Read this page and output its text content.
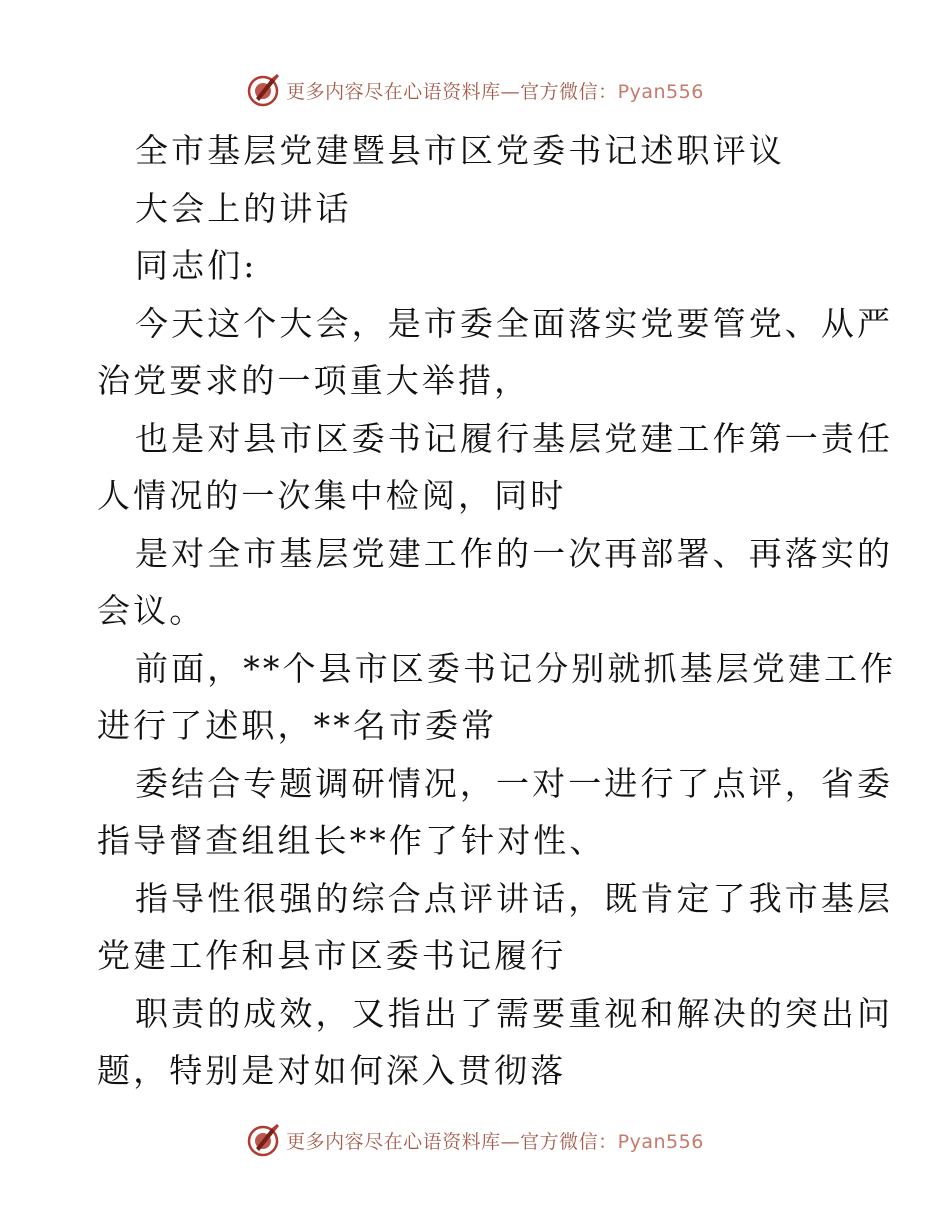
更多内容尽在心语资料库—官方微信：Pyan556
全市基层党建暨县市区党委书记述职评议
大会上的讲话
同志们:
今天这个大会，是市委全面落实党要管党、从严
治党要求的一项重大举措，
也是对县市区委书记履行基层党建工作第一责任
人情况的一次集中检阅，同时
是对全市基层党建工作的一次再部署、再落实的
会议。
前面，**个县市区委书记分别就抓基层党建工作
进行了述职，**名市委常
委结合专题调研情况，一对一进行了点评，省委
指导督查组组长**作了针对性、
指导性很强的综合点评讲话，既肯定了我市基层
党建工作和县市区委书记履行
职责的成效，又指出了需要重视和解决的突出问
题，特别是对如何深入贯彻落
更多内容尽在心语资料库—官方微信：Pyan556
